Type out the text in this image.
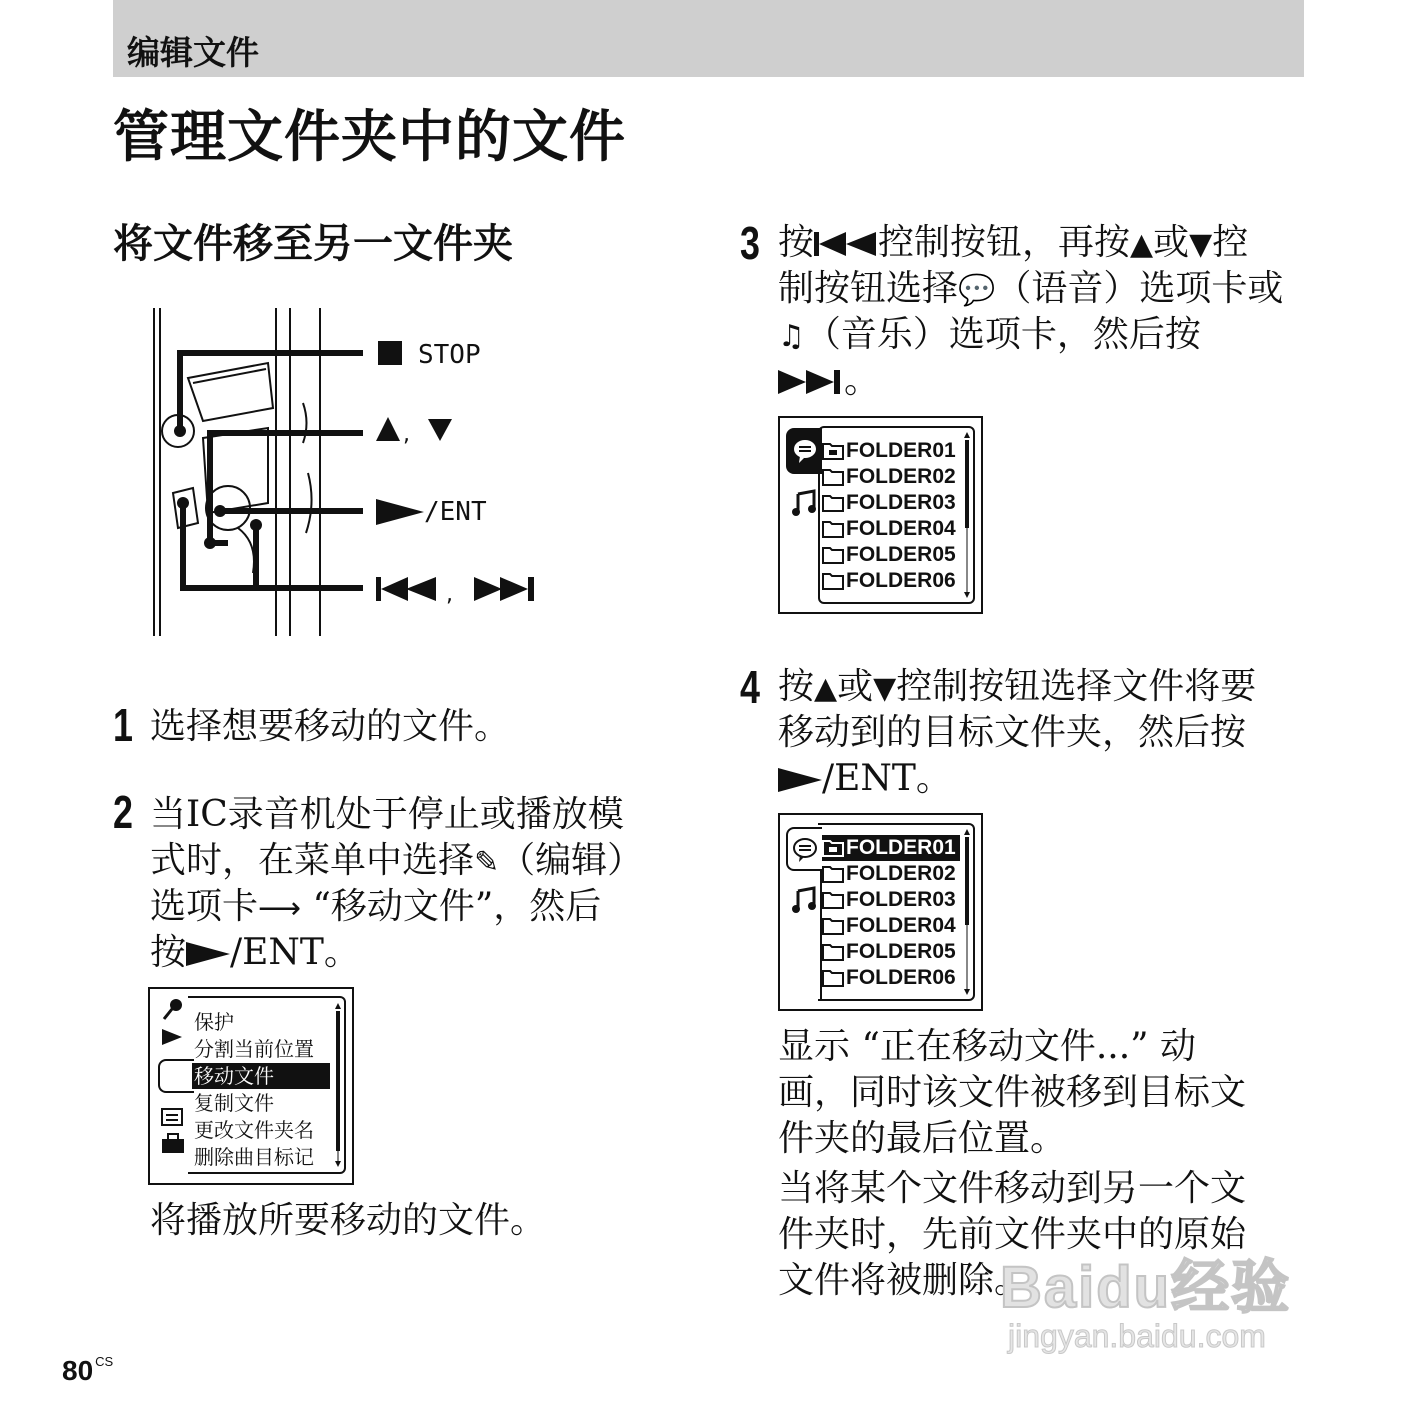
编辑文件
管理文件夹中的文件
将文件移至另一文件夹
STOP
,
/ENT
,
1 选择想要移动的文件。
2 当IC录音机处于停止或播放模
式时，在菜单中选择✎（编辑）
选项卡⟶ “移动文件”，然后
按 /ENT。
保护
分割当前位置
移动文件
复制文件
更改文件夹名
删除曲目标记
将播放所要移动的文件。
3 按 控制按钮，再按▲或▼控
制按钮选择💬（语音）选项卡或
♫（音乐）选项卡，然后按
。
FOLDER01
FOLDER02
FOLDER03
FOLDER04
FOLDER05
FOLDER06
4 按▲或▼控制按钮选择文件将要
移动到的目标文件夹，然后按
/ENT。
FOLDER01
FOLDER02
FOLDER03
FOLDER04
FOLDER05
FOLDER06
显示 “正在移动文件...” 动
画，同时该文件被移到目标文
件夹的最后位置。
当将某个文件移动到另一个文
件夹时，先前文件夹中的原始
文件将被删除。
Baidu经验
jingyan.baidu.com
80 $^{CS}$
